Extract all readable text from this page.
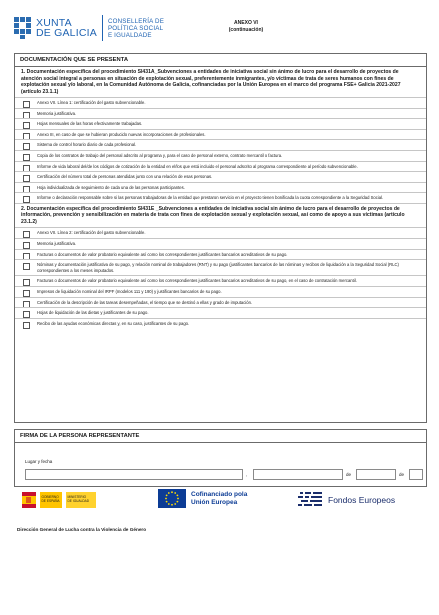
XUNTA
DE GALICIA
CONSELLERÍA DE
POLÍTICA SOCIAL
E IGUALDADE
ANEXO VI
(continuación)
DOCUMENTACIÓN QUE SE PRESENTA
1. Documentación específica del procedimiento SI431A_Subvenciones a entidades de iniciativa social sin ánimo de lucro para el desarrollo de proyectos de atención social integral a personas en situación de explotación sexual, preferentemente inmigrantes, y/o víctimas de trata de seres humanos con fines de explotación sexual y/o laboral, en la Comunidad Autónoma de Galicia, cofinanciadas por la Unión Europea en el marco del programa FSE+ Galicia 2021-2027 (artículo 23.1.1)
Anexo VII. Línea 1: certificación del gasto subvencionable.
Memoria justificativa.
Hojas mensuales de las horas efectivamente trabajadas.
Anexo III, en caso de que se hubieran producido nuevas incorporaciones de profesionales.
Sistema de control horario diario de cada profesional.
Copia de los contratos de trabajo del personal adscrito al programa y, para el caso de personal externo, contrato mercantil o factura.
Informe de vida laboral del/de los códigos de cotización de la entidad en el/los que está incluido el personal adscrito al programa correspondiente al período subvencionable.
Certificación del número total de personas atendidas junto con una relación de esas personas.
Hoja individualizada de seguimiento de cada una de las personas participantes.
Informe o declaración responsable sobre si las personas trabajadoras de la entidad que prestaron servicio en el proyecto tienen bonificada la cuota correspondiente a la Seguridad Social.
2. Documentación específica del procedimiento SI431E _Subvenciones a entidades de iniciativa social sin ánimo de lucro para el desarrollo de proyectos de información, prevención y sensibilización en materia de trata con fines de explotación sexual y explotación sexual, así como de apoyo a sus víctimas (artículo 23.1.2)
Anexo VII. Línea 2: certificación del gasto subvencionable.
Memoria justificativa.
Facturas o documentos de valor probatorio equivalente así como los correspondientes justificantes bancarios acreditativos de su pago.
Nóminas y documentación justificativa de su pago, y relación nominal de trabajadores (RNT) y su pago (justificantes bancarios de las nóminas y recibos de liquidación a la Seguridad Social (RLC) correspondientes a los meses imputados.
Facturas o documentos de valor probatorio equivalente así como los correspondientes justificantes bancarios acreditativos de su pago, en el caso de contratación mercantil.
Impresos de liquidación nominal del IRPF (modelos 111 y 190) y justificantes bancarios de su pago.
Certificación de la descripción de las tareas desempeñadas, el tiempo que se destinó a ellas y grado de imputación.
Hojas de liquidación de las dietas y justificantes de su pago.
Recibo de las ayudas económicas directas y, en su caso, justificantes de su pago.
FIRMA DE LA PERSONA REPRESENTANTE
Lugar y fecha
,	de	de
GOBIERNO
DE ESPAÑA
MINISTERIO
DE IGUALDAD
Cofinanciado pola
Unión Europea	Fondos Europeos
Dirección General de Lucha contra la Violencia de Género
